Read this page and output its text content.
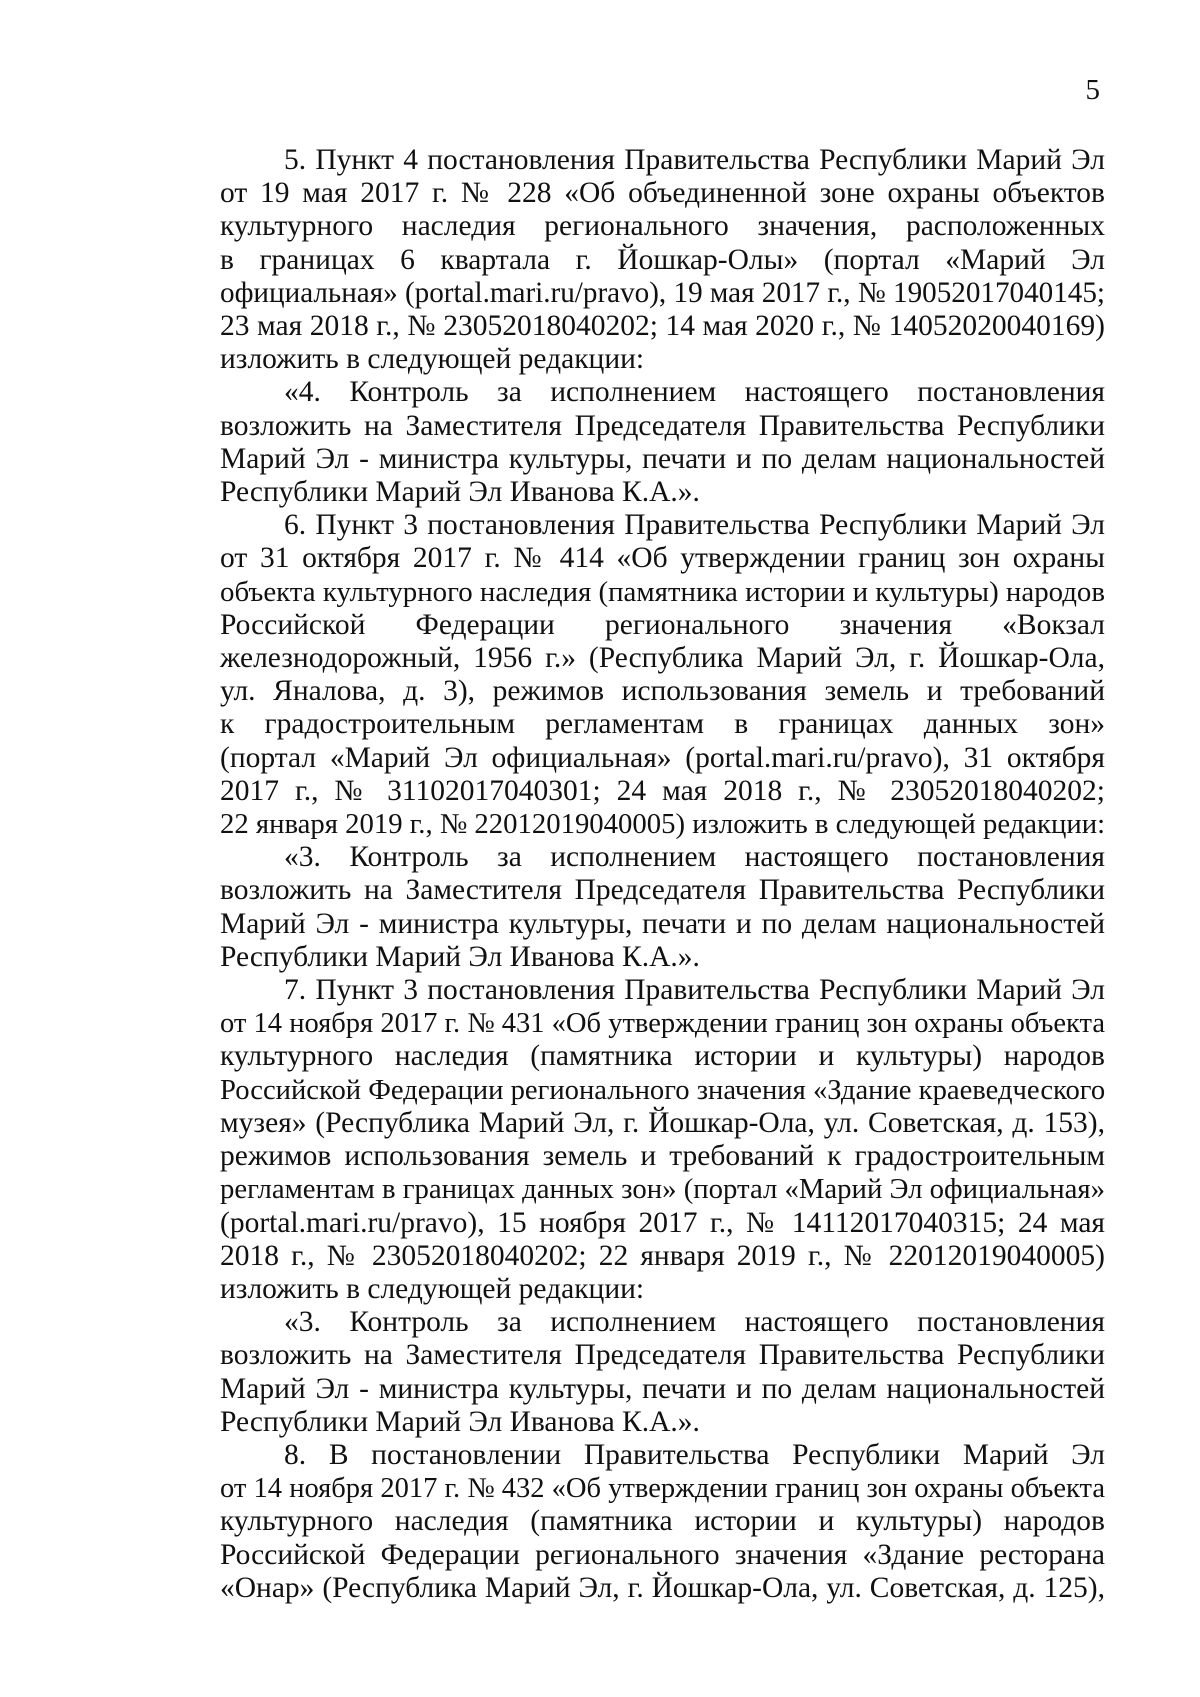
5
5. Пункт 4 постановления Правительства Республики Марий Эл
от 19 мая 2017 г. № 228 «Об объединенной зоне охраны объектов
культурного наследия регионального значения, расположенных
в границах 6 квартала г. Йошкар-Олы» (портал «Марий Эл
официальная» (portal.mari.ru/pravo), 19 мая 2017 г., № 19052017040145;
23 мая 2018 г., № 23052018040202; 14 мая 2020 г., № 14052020040169)
изложить в следующей редакции:
«4. Контроль за исполнением настоящего постановления
возложить на Заместителя Председателя Правительства Республики
Марий Эл - министра культуры, печати и по делам национальностей
Республики Марий Эл Иванова К.А.».
6. Пункт 3 постановления Правительства Республики Марий Эл
от 31 октября 2017 г. № 414 «Об утверждении границ зон охраны
объекта культурного наследия (памятника истории и культуры) народов
Российской Федерации регионального значения «Вокзал
железнодорожный, 1956 г.» (Республика Марий Эл, г. Йошкар-Ола,
ул. Яналова, д. 3), режимов использования земель и требований
к градостроительным регламентам в границах данных зон»
(портал «Марий Эл официальная» (portal.mari.ru/pravo), 31 октября
2017 г., № 31102017040301; 24 мая 2018 г., № 23052018040202;
22 января 2019 г., № 22012019040005) изложить в следующей редакции:
«3. Контроль за исполнением настоящего постановления
возложить на Заместителя Председателя Правительства Республики
Марий Эл - министра культуры, печати и по делам национальностей
Республики Марий Эл Иванова К.А.».
7. Пункт 3 постановления Правительства Республики Марий Эл
от 14 ноября 2017 г. № 431 «Об утверждении границ зон охраны объекта
культурного наследия (памятника истории и культуры) народов
Российской Федерации регионального значения «Здание краеведческого
музея» (Республика Марий Эл, г. Йошкар-Ола, ул. Советская, д. 153),
режимов использования земель и требований к градостроительным
регламентам в границах данных зон» (портал «Марий Эл официальная»
(portal.mari.ru/pravo), 15 ноября 2017 г., № 14112017040315; 24 мая
2018 г., № 23052018040202; 22 января 2019 г., № 22012019040005)
изложить в следующей редакции:
«3. Контроль за исполнением настоящего постановления
возложить на Заместителя Председателя Правительства Республики
Марий Эл - министра культуры, печати и по делам национальностей
Республики Марий Эл Иванова К.А.».
8. В постановлении Правительства Республики Марий Эл
от 14 ноября 2017 г. № 432 «Об утверждении границ зон охраны объекта
культурного наследия (памятника истории и культуры) народов
Российской Федерации регионального значения «Здание ресторана
«Онар» (Республика Марий Эл, г. Йошкар-Ола, ул. Советская, д. 125),
